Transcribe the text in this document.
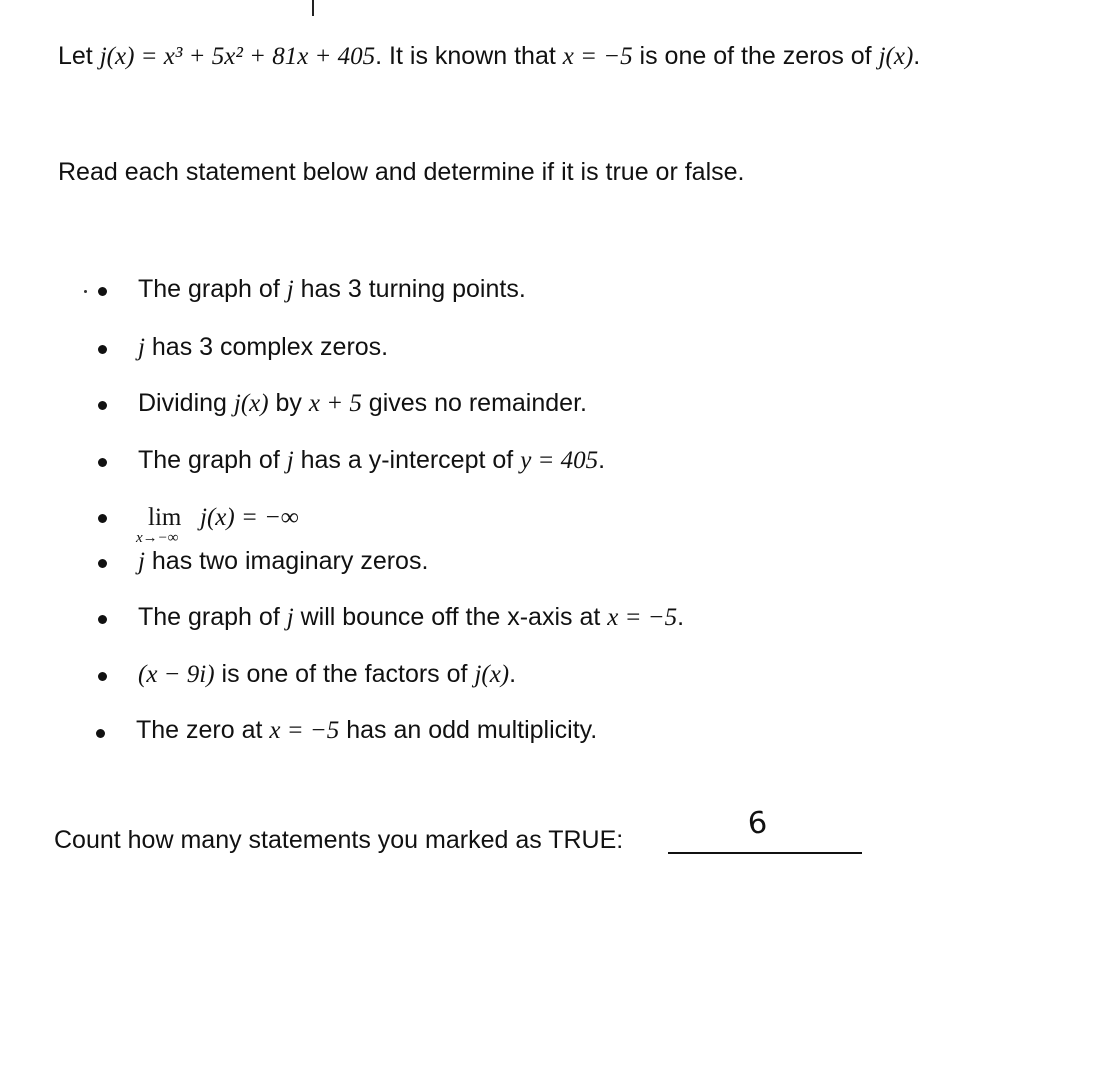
Let j(x) = x³ + 5x² + 81x + 405. It is known that x = −5 is one of the zeros of j(x).
Read each statement below and determine if it is true or false.
The graph of j has 3 turning points.
j has 3 complex zeros.
Dividing j(x) by x + 5 gives no remainder.
The graph of j has a y-intercept of y = 405.
lim
x→−∞
j(x) = −∞
j has two imaginary zeros.
The graph of j will bounce off the x-axis at x = −5.
(x − 9i) is one of the factors of j(x).
The zero at x = −5 has an odd multiplicity.
Count how many statements you marked as TRUE:	6
